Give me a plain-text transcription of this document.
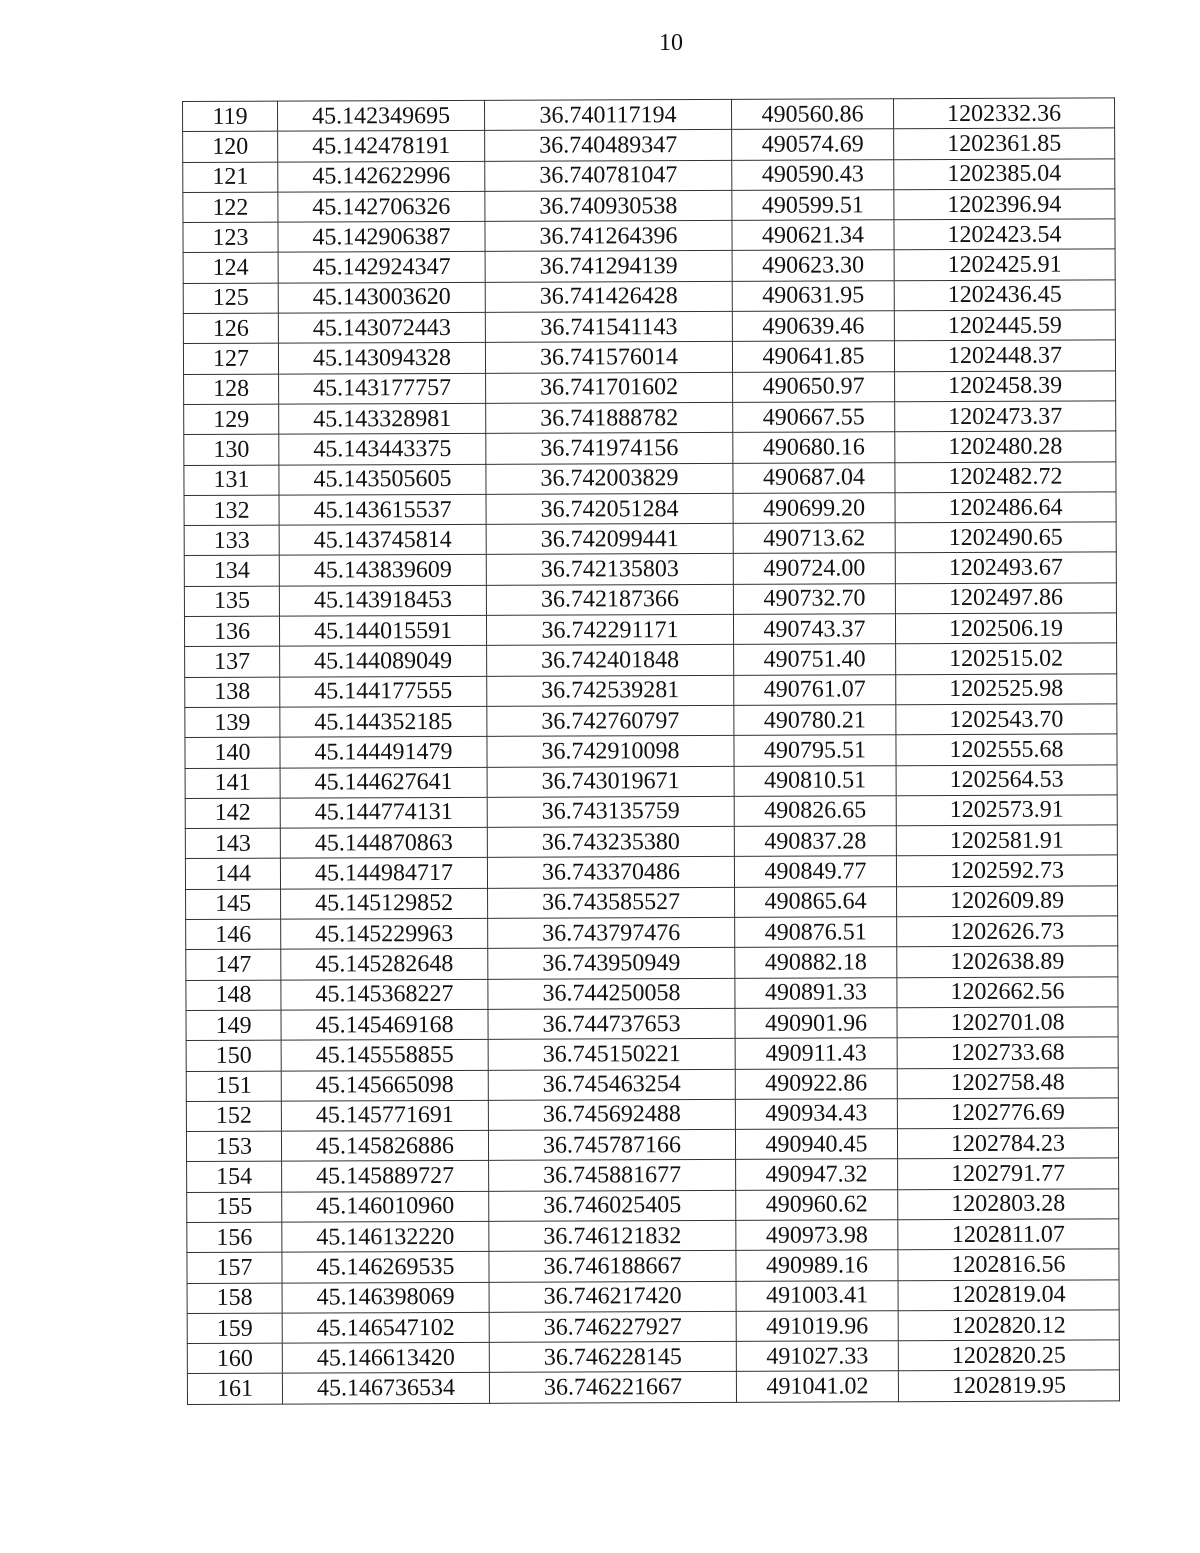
10
119	45.142349695	36.740117194	490560.86	1202332.36
120	45.142478191	36.740489347	490574.69	1202361.85
121	45.142622996	36.740781047	490590.43	1202385.04
122	45.142706326	36.740930538	490599.51	1202396.94
123	45.142906387	36.741264396	490621.34	1202423.54
124	45.142924347	36.741294139	490623.30	1202425.91
125	45.143003620	36.741426428	490631.95	1202436.45
126	45.143072443	36.741541143	490639.46	1202445.59
127	45.143094328	36.741576014	490641.85	1202448.37
128	45.143177757	36.741701602	490650.97	1202458.39
129	45.143328981	36.741888782	490667.55	1202473.37
130	45.143443375	36.741974156	490680.16	1202480.28
131	45.143505605	36.742003829	490687.04	1202482.72
132	45.143615537	36.742051284	490699.20	1202486.64
133	45.143745814	36.742099441	490713.62	1202490.65
134	45.143839609	36.742135803	490724.00	1202493.67
135	45.143918453	36.742187366	490732.70	1202497.86
136	45.144015591	36.742291171	490743.37	1202506.19
137	45.144089049	36.742401848	490751.40	1202515.02
138	45.144177555	36.742539281	490761.07	1202525.98
139	45.144352185	36.742760797	490780.21	1202543.70
140	45.144491479	36.742910098	490795.51	1202555.68
141	45.144627641	36.743019671	490810.51	1202564.53
142	45.144774131	36.743135759	490826.65	1202573.91
143	45.144870863	36.743235380	490837.28	1202581.91
144	45.144984717	36.743370486	490849.77	1202592.73
145	45.145129852	36.743585527	490865.64	1202609.89
146	45.145229963	36.743797476	490876.51	1202626.73
147	45.145282648	36.743950949	490882.18	1202638.89
148	45.145368227	36.744250058	490891.33	1202662.56
149	45.145469168	36.744737653	490901.96	1202701.08
150	45.145558855	36.745150221	490911.43	1202733.68
151	45.145665098	36.745463254	490922.86	1202758.48
152	45.145771691	36.745692488	490934.43	1202776.69
153	45.145826886	36.745787166	490940.45	1202784.23
154	45.145889727	36.745881677	490947.32	1202791.77
155	45.146010960	36.746025405	490960.62	1202803.28
156	45.146132220	36.746121832	490973.98	1202811.07
157	45.146269535	36.746188667	490989.16	1202816.56
158	45.146398069	36.746217420	491003.41	1202819.04
159	45.146547102	36.746227927	491019.96	1202820.12
160	45.146613420	36.746228145	491027.33	1202820.25
161	45.146736534	36.746221667	491041.02	1202819.95
